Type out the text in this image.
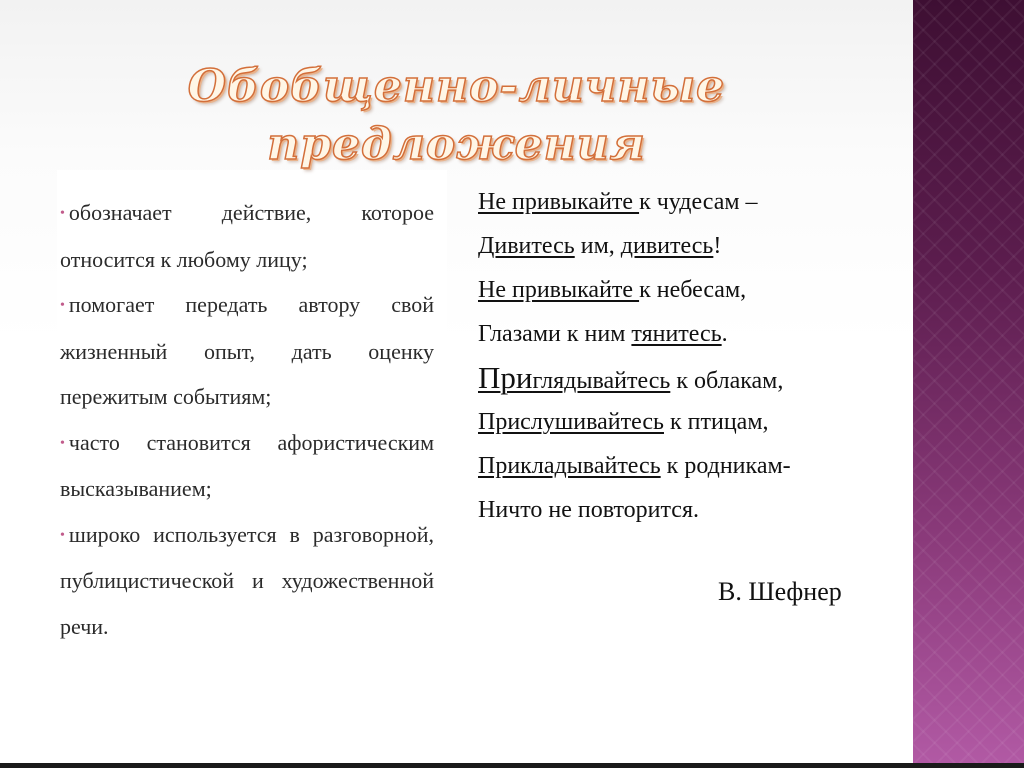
Обобщенно-личные
предложения
• обозначает действие, которое относится к любому лицу;
• помогает передать автору свой жизненный опыт, дать оценку пережитым событиям;
• часто становится афористическим высказыванием;
• широко используется в разговорной, публицистической и художественной речи.
Не привыкайте к чудесам –
Дивитесь им, дивитесь!
Не привыкайте к небесам,
Глазами к ним тянитесь.
Приглядывайтесь к облакам,
Прислушивайтесь к птицам,
Прикладывайтесь к родникам-
Ничто не повторится.
В. Шефнер
